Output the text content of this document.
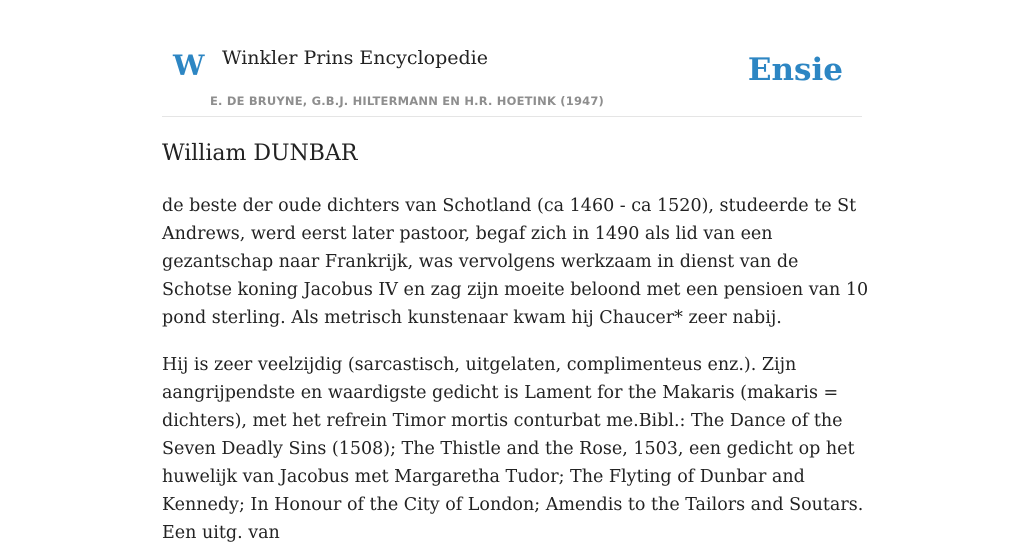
W Winkler Prins Encyclopedie
E. DE BRUYNE, G.B.J. HILTERMANN EN H.R. HOETINK (1947)
Ensie
William DUNBAR

de beste der oude dichters van Schotland (ca 1460 - ca 1520), studeerde te St Andrews, werd eerst later pastoor, begaf zich in 1490 als lid van een gezantschap naar Frankrijk, was vervolgens werkzaam in dienst van de Schotse koning Jacobus IV en zag zijn moeite beloond met een pensioen van 10 pond sterling. Als metrisch kunstenaar kwam hij Chaucer* zeer nabij.

Hij is zeer veelzijdig (sarcastisch, uitgelaten, complimenteus enz.). Zijn aangrijpendste en waardigste gedicht is Lament for the Makaris (makaris = dichters), met het refrein Timor mortis conturbat me.Bibl.: The Dance of the Seven Deadly Sins (1508); The Thistle and the Rose, 1503, een gedicht op het huwelijk van Jacobus met Margaretha Tudor; The Flyting of Dunbar and Kennedy; In Honour of the City of London; Amendis to the Tailors and Soutars. Een uitg. van
